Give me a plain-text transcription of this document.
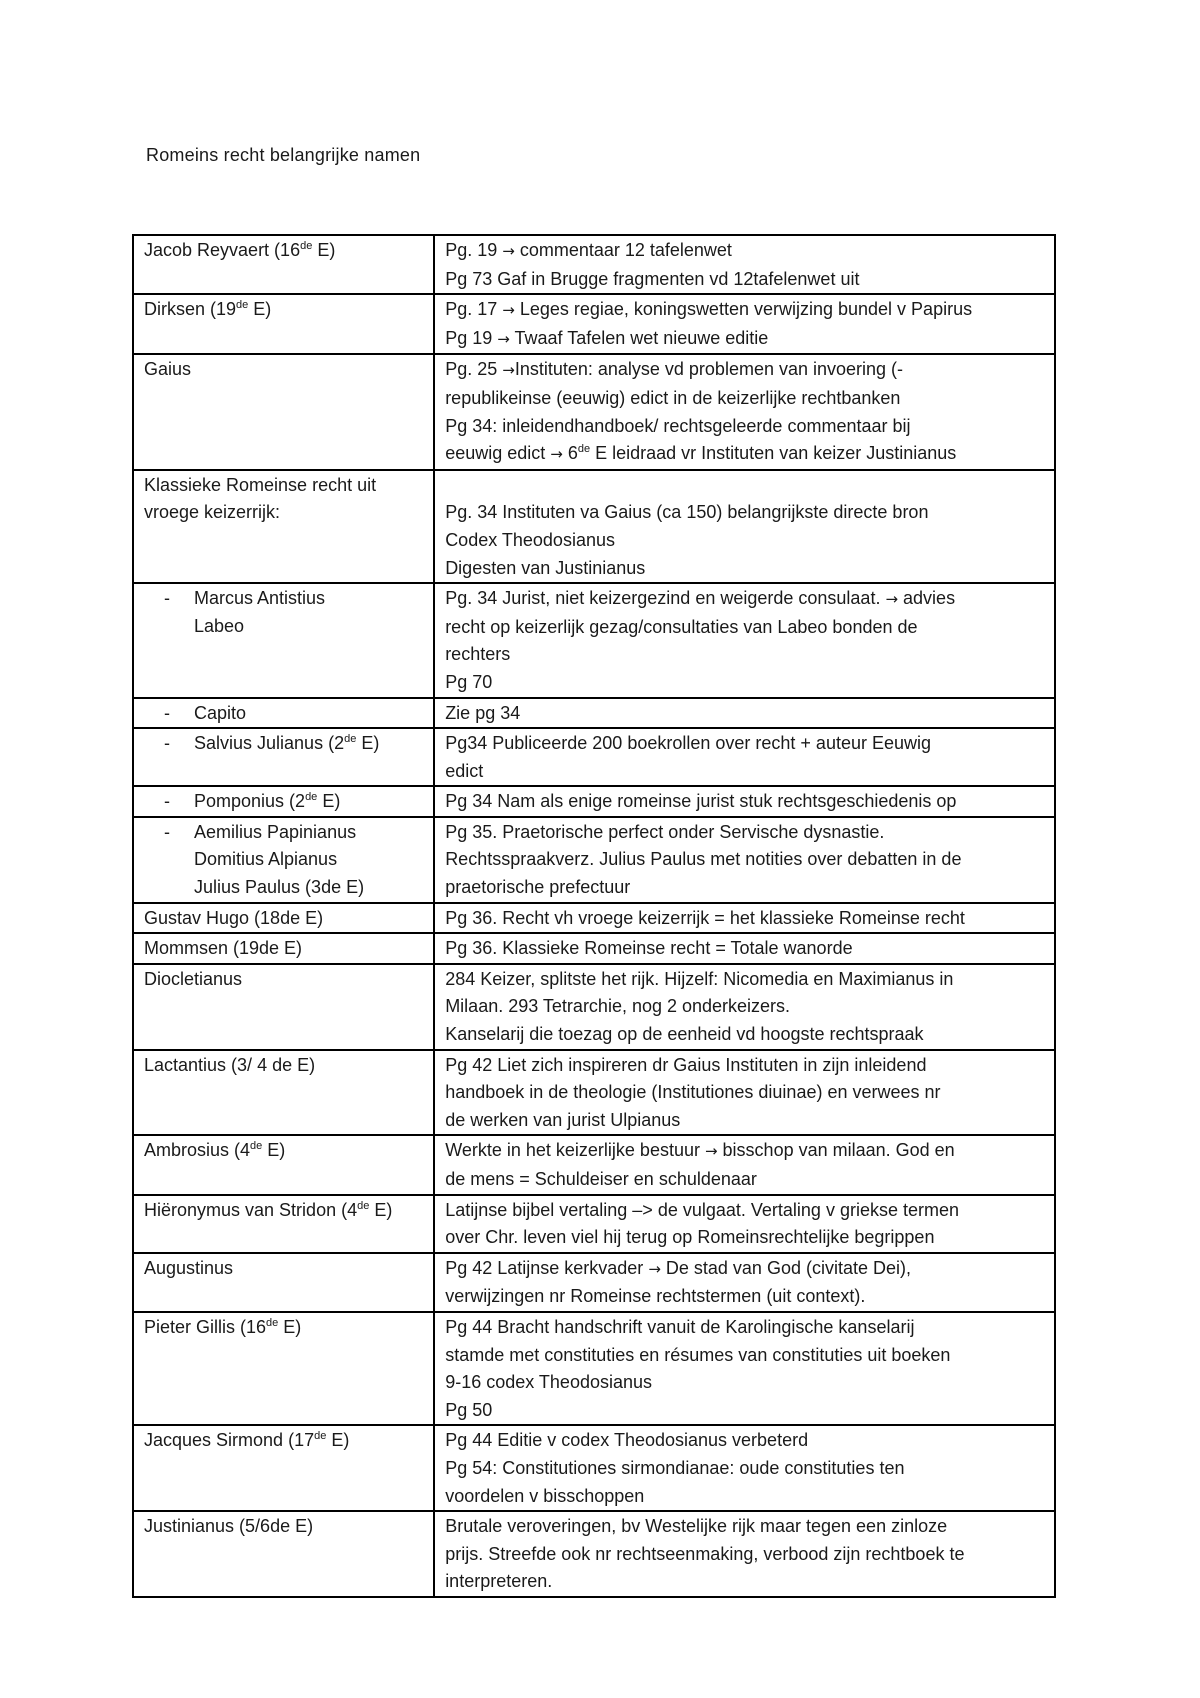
Romeins recht belangrijke namen
Jacob Reyvaert (16de E)	Pg. 19 → commentaar 12 tafelenwet
Pg 73 Gaf in Brugge fragmenten vd 12tafelenwet uit

Dirksen (19de E)	Pg. 17 → Leges regiae, koningswetten verwijzing bundel v Papirus
Pg 19 → Twaaf Tafelen wet nieuwe editie

Gaius	Pg. 25 →Instituten: analyse vd problemen van invoering (-
republikeinse (eeuwig) edict in de keizerlijke rechtbanken
Pg 34: inleidendhandboek/ rechtsgeleerde commentaar bij
eeuwig edict → 6de E leidraad vr Instituten van keizer Justinianus

Klassieke Romeinse recht uit
vroege keizerrijk:	Pg. 34 Instituten va Gaius (ca 150) belangrijkste directe bron
Codex Theodosianus
Digesten van Justinianus

- Marcus Antistius
Labeo	Pg. 34 Jurist, niet keizergezind en weigerde consulaat. → advies
recht op keizerlijk gezag/consultaties van Labeo bonden de
rechters
Pg 70

- Capito	Zie pg 34

- Salvius Julianus (2de E)	Pg34 Publiceerde 200 boekrollen over recht + auteur Eeuwig
edict

- Pomponius (2de E)	Pg 34 Nam als enige romeinse jurist stuk rechtsgeschiedenis op

- Aemilius Papinianus
Domitius Alpianus
Julius Paulus (3de E)	Pg 35. Praetorische perfect onder Servische dysnastie.
Rechtsspraakverz. Julius Paulus met notities over debatten in de
praetorische prefectuur

Gustav Hugo (18de E)	Pg 36. Recht vh vroege keizerrijk = het klassieke Romeinse recht

Mommsen (19de E)	Pg 36. Klassieke Romeinse recht = Totale wanorde

Diocletianus	284 Keizer, splitste het rijk. Hijzelf: Nicomedia en Maximianus in
Milaan. 293 Tetrarchie, nog 2 onderkeizers.
Kanselarij die toezag op de eenheid vd hoogste rechtspraak

Lactantius (3/ 4 de E)	Pg 42 Liet zich inspireren dr Gaius Instituten in zijn inleidend
handboek in de theologie (Institutiones diuinae) en verwees nr
de werken van jurist Ulpianus

Ambrosius (4de E)	Werkte in het keizerlijke bestuur → bisschop van milaan. God en
de mens = Schuldeiser en schuldenaar

Hiëronymus van Stridon (4de E)	Latijnse bijbel vertaling –> de vulgaat. Vertaling v griekse termen
over Chr. leven viel hij terug op Romeinsrechtelijke begrippen

Augustinus	Pg 42 Latijnse kerkvader → De stad van God (civitate Dei),
verwijzingen nr Romeinse rechtstermen (uit context).

Pieter Gillis (16de E)	Pg 44 Bracht handschrift vanuit de Karolingische kanselarij
stamde met constituties en résumes van constituties uit boeken
9-16 codex Theodosianus
Pg 50

Jacques Sirmond (17de E)	Pg 44 Editie v codex Theodosianus verbeterd
Pg 54: Constitutiones sirmondianae: oude constituties ten
voordelen v bisschoppen

Justinianus (5/6de E)	Brutale veroveringen, bv Westelijke rijk maar tegen een zinloze
prijs. Streefde ook nr rechtseenmaking, verbood zijn rechtboek te
interpreteren.
